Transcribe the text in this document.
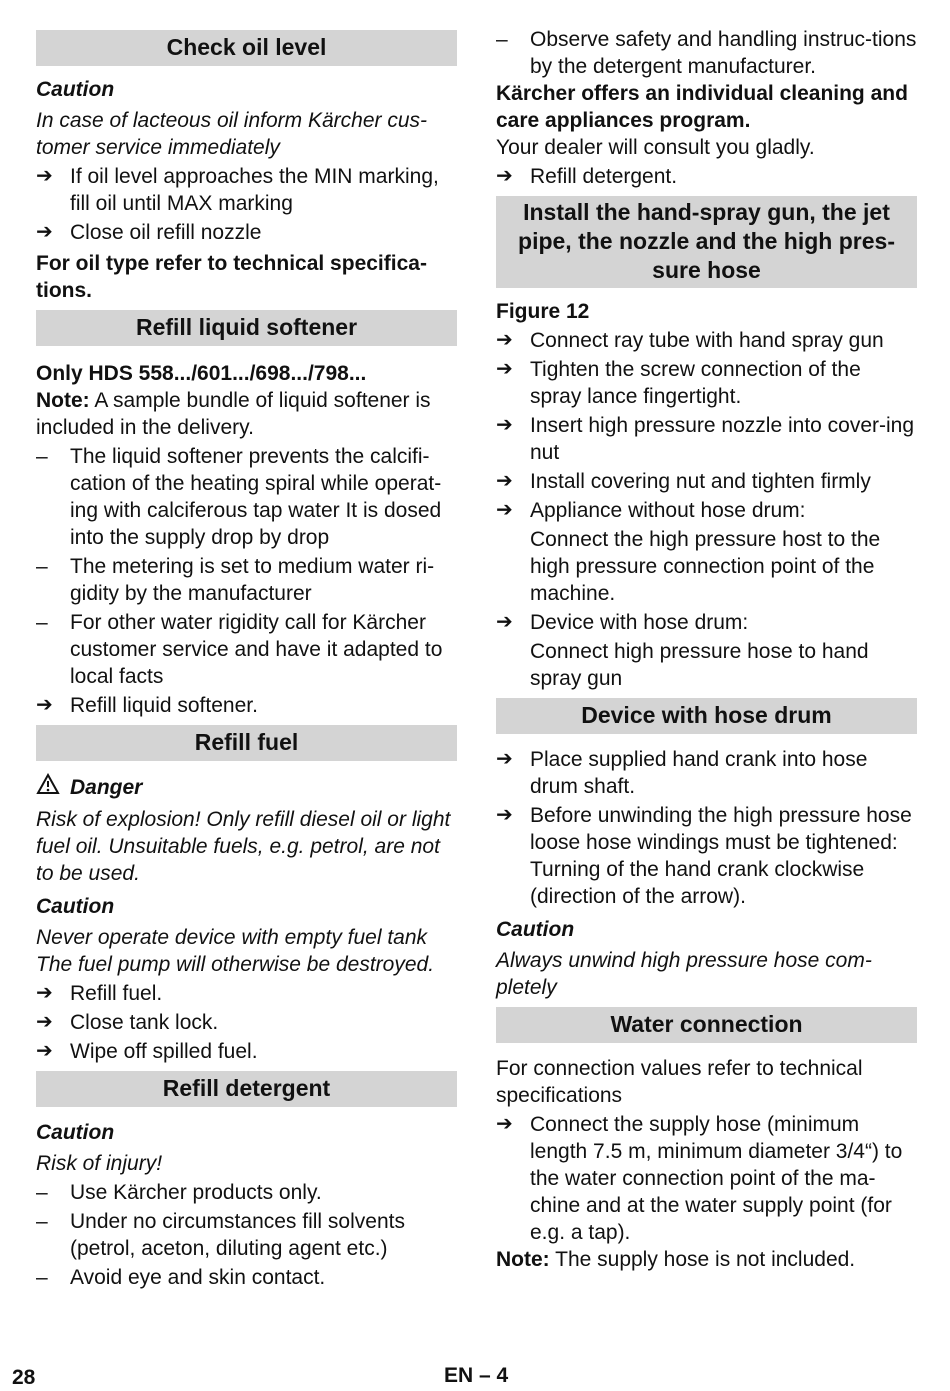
Check oil level
Caution
In case of lacteous oil inform Kärcher cus-tomer service immediately
➔ If oil level approaches the MIN marking, fill oil until MAX marking
➔ Close oil refill nozzle
For oil type refer to technical specifica-tions.
Refill liquid softener
Only HDS 558.../601.../698.../798...
Note: A sample bundle of liquid softener is included in the delivery.
–	The liquid softener prevents the calcifi-cation of the heating spiral while operat-ing with calciferous tap water It is dosed into the supply drop by drop
–	The metering is set to medium water ri-gidity by the manufacturer
–	For other water rigidity call for Kärcher customer service and have it adapted to local facts
➔ Refill liquid softener.
Refill fuel
Danger
Risk of explosion! Only refill diesel oil or light fuel oil. Unsuitable fuels, e.g. petrol, are not to be used.
Caution
Never operate device with empty fuel tank The fuel pump will otherwise be destroyed.
➔ Refill fuel.
➔ Close tank lock.
➔ Wipe off spilled fuel.
Refill detergent
Caution
Risk of injury!
–	Use Kärcher products only.
–	Under no circumstances fill solvents (petrol, aceton, diluting agent etc.)
–	Avoid eye and skin contact.
–	Observe safety and handling instruc-tions by the detergent manufacturer.
Kärcher offers an individual cleaning and care appliances program.
Your dealer will consult you gladly.
➔ Refill detergent.
Install the hand-spray gun, the jet pipe, the nozzle and the high pres-sure hose
Figure 12
➔ Connect ray tube with hand spray gun
➔ Tighten the screw connection of the spray lance fingertight.
➔ Insert high pressure nozzle into cover-ing nut
➔ Install covering nut and tighten firmly
➔ Appliance without hose drum:
Connect the high pressure host to the high pressure connection point of the machine.
➔ Device with hose drum:
Connect high pressure hose to hand spray gun
Device with hose drum
➔ Place supplied hand crank into hose drum shaft.
➔ Before unwinding the high pressure hose loose hose windings must be tightened: Turning of the hand crank clockwise (direction of the arrow).
Caution
Always unwind high pressure hose com-pletely
Water connection
For connection values refer to technical specifications
➔ Connect the supply hose (minimum length 7.5 m, minimum diameter 3/4“) to the water connection point of the ma-chine and at the water supply point (for e.g. a tap).
Note: The supply hose is not included.
28	EN – 4
